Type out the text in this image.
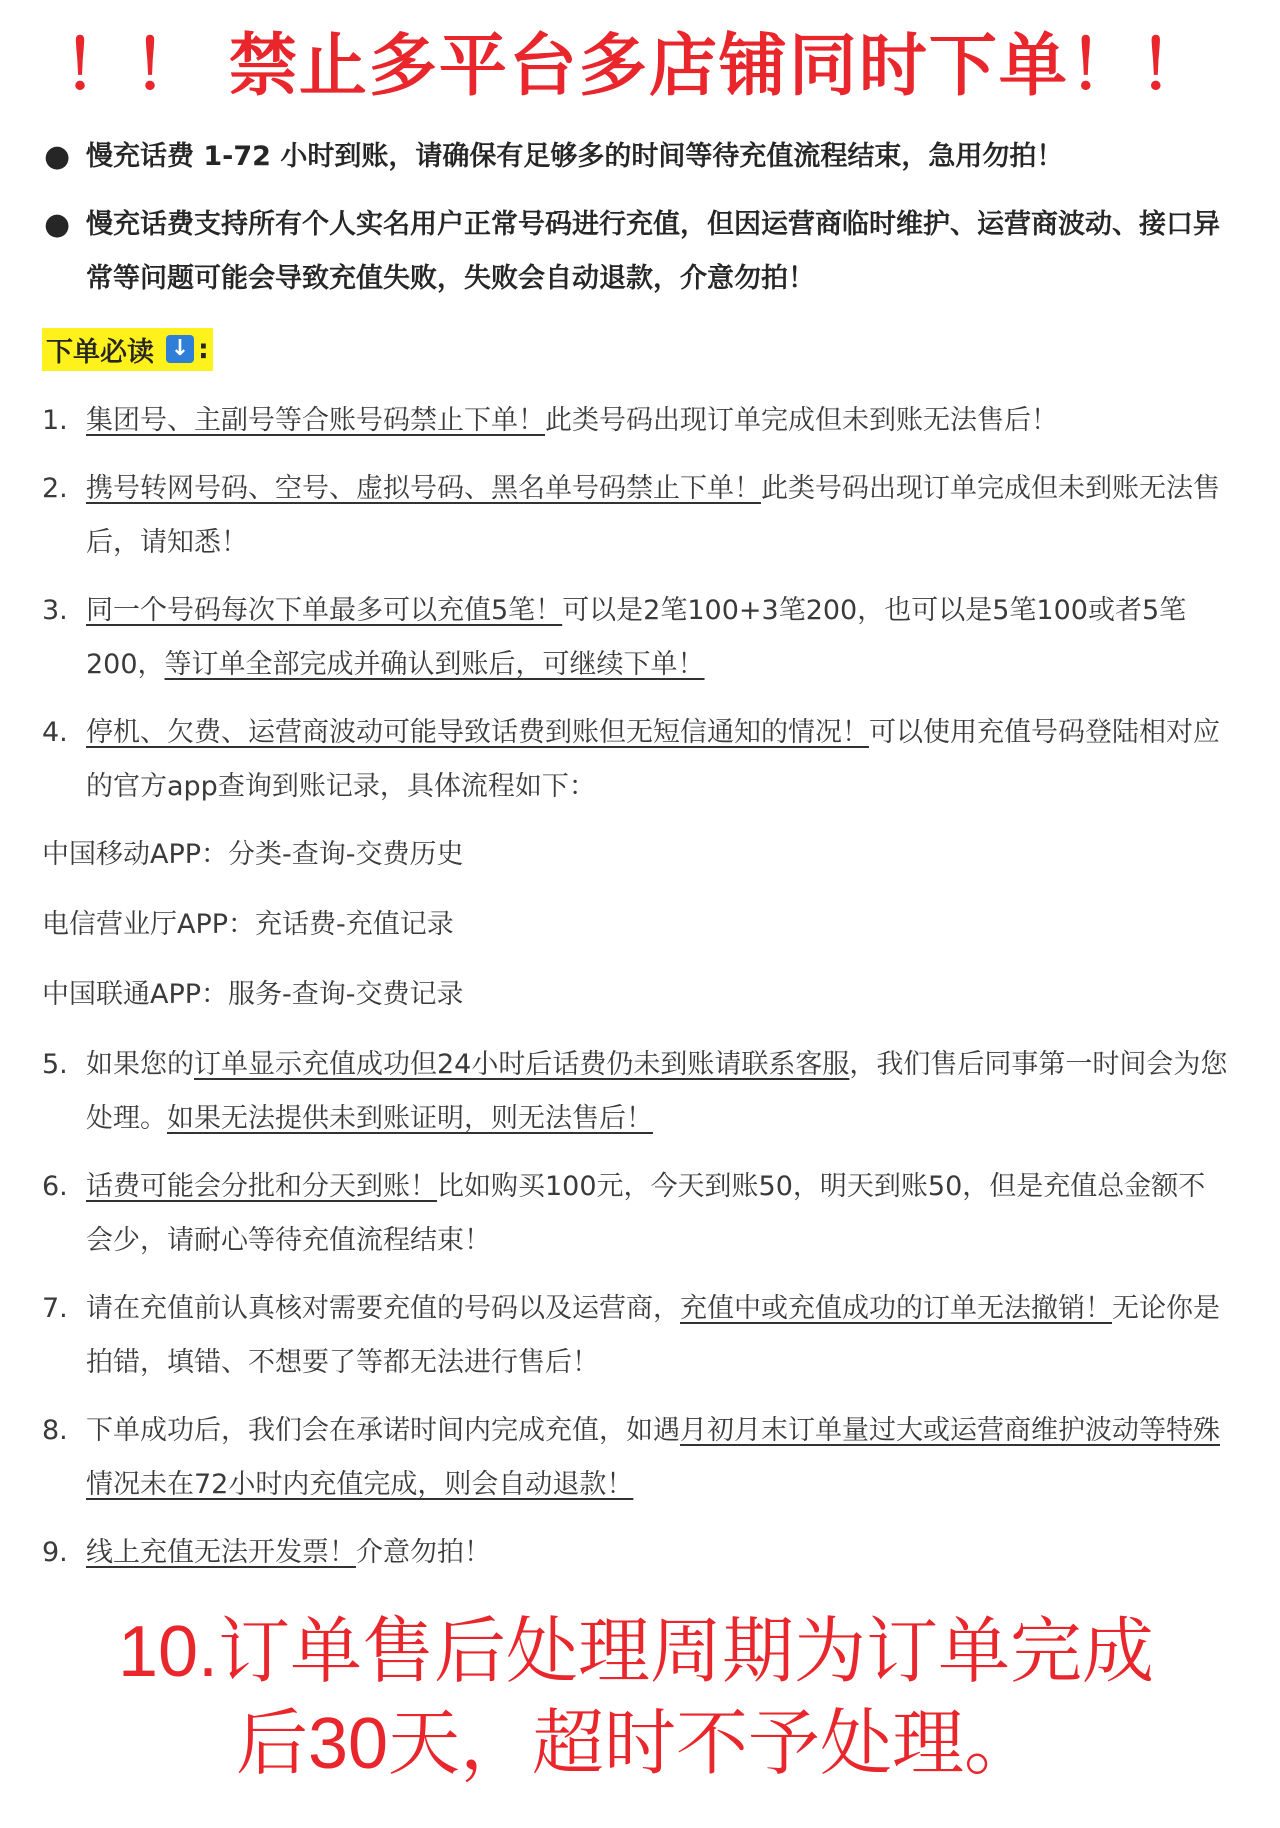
！！ 禁止多平台多店铺同时下单！！
● 慢充话费 1-72 小时到账，请确保有足够多的时间等待充值流程结束，急用勿拍！
● 慢充话费支持所有个人实名用户正常号码进行充值，但因运营商临时维护、运营商波动、接口异常等问题可能会导致充值失败，失败会自动退款，介意勿拍！
下单必读 ↓ :
1. 集团号、主副号等合账号码禁止下单！此类号码出现订单完成但未到账无法售后！
2. 携号转网号码、空号、虚拟号码、黑名单号码禁止下单！此类号码出现订单完成但未到账无法售后，请知悉！
3. 同一个号码每次下单最多可以充值5笔！可以是2笔100+3笔200，也可以是5笔100或者5笔200，等订单全部完成并确认到账后，可继续下单！
4. 停机、欠费、运营商波动可能导致话费到账但无短信通知的情况！可以使用充值号码登陆相对应的官方app查询到账记录，具体流程如下：
中国移动APP：分类-查询-交费历史
电信营业厅APP：充话费-充值记录
中国联通APP：服务-查询-交费记录
5. 如果您的订单显示充值成功但24小时后话费仍未到账请联系客服，我们售后同事第一时间会为您处理。如果无法提供未到账证明，则无法售后！
6. 话费可能会分批和分天到账！比如购买100元，今天到账50，明天到账50，但是充值总金额不会少，请耐心等待充值流程结束！
7. 请在充值前认真核对需要充值的号码以及运营商，充值中或充值成功的订单无法撤销！无论你是拍错，填错、不想要了等都无法进行售后！
8. 下单成功后，我们会在承诺时间内完成充值，如遇月初月末订单量过大或运营商维护波动等特殊情况未在72小时内充值完成，则会自动退款！
9. 线上充值无法开发票！介意勿拍！
10.订单售后处理周期为订单完成
后30天，超时不予处理。
